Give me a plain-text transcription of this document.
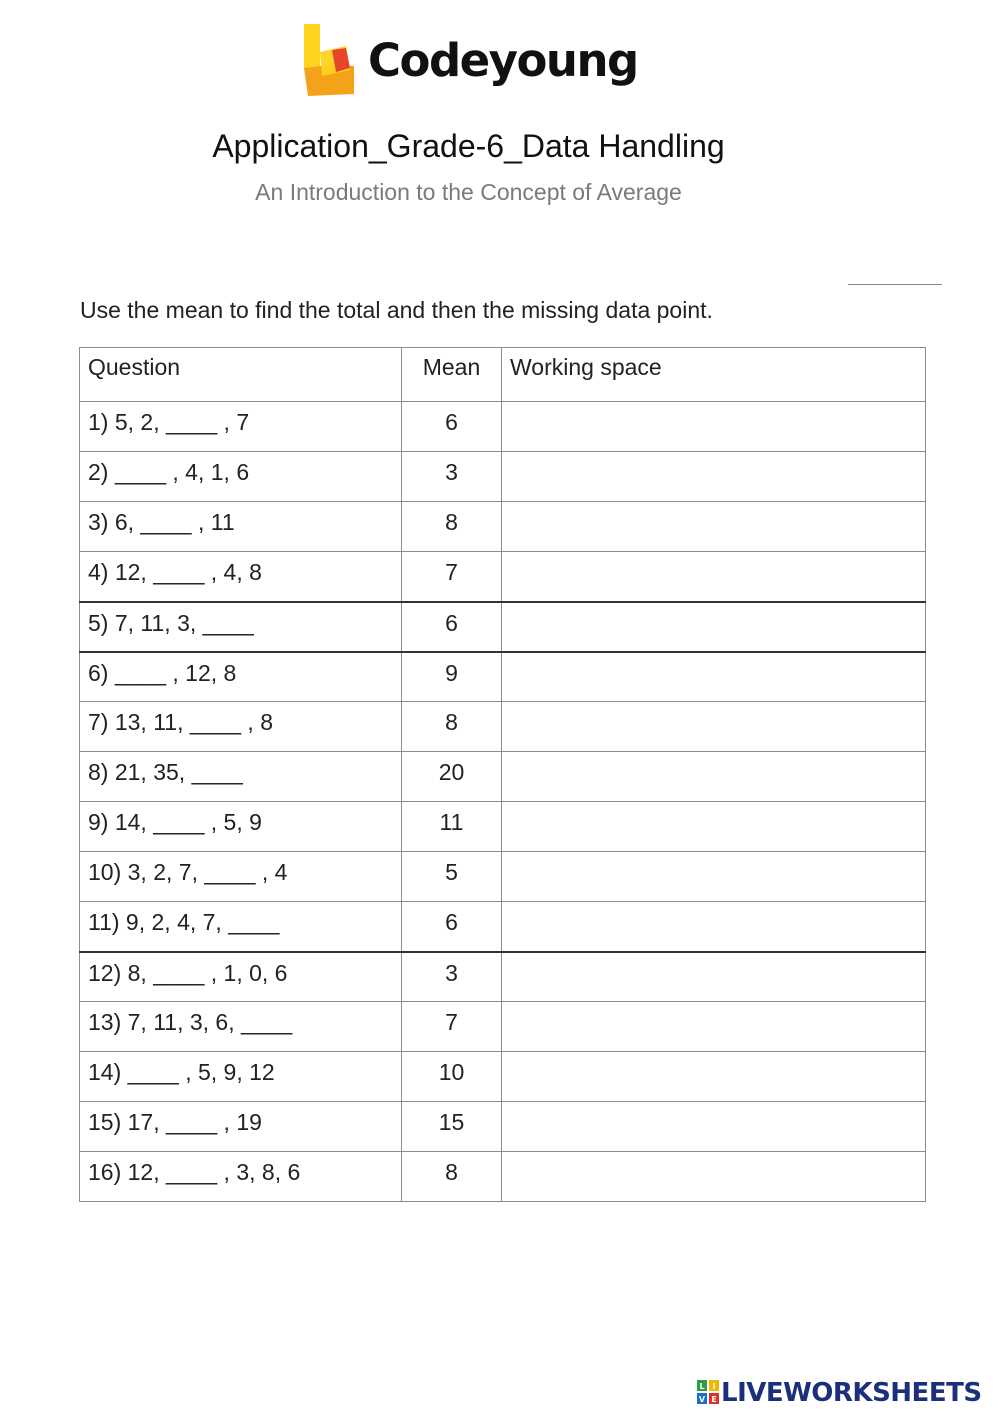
Codeyoung
Application_Grade-6_Data Handling
An Introduction to the Concept of Average
Use the mean to find the total and then the missing data point.
Question	Mean	Working space
1) 5, 2, ____ , 7	6	
2) ____ , 4, 1, 6	3	
3) 6, ____ , 11	8	
4) 12, ____ , 4, 8	7	
5) 7, 11, 3, ____	6	
6) ____ , 12, 8	9	
7) 13, 11, ____ , 8	8	
8) 21, 35, ____	20	
9) 14, ____ , 5, 9	11	
10) 3, 2, 7, ____ , 4	5	
11) 9, 2, 4, 7, ____	6	
12) 8, ____ , 1, 0, 6	3	
13) 7, 11, 3, 6, ____	7	
14) ____ , 5, 9, 12	10	
15) 17, ____ , 19	15	
16) 12, ____ , 3, 8, 6	8	
L I
V E LIVEWORKSHEETS
